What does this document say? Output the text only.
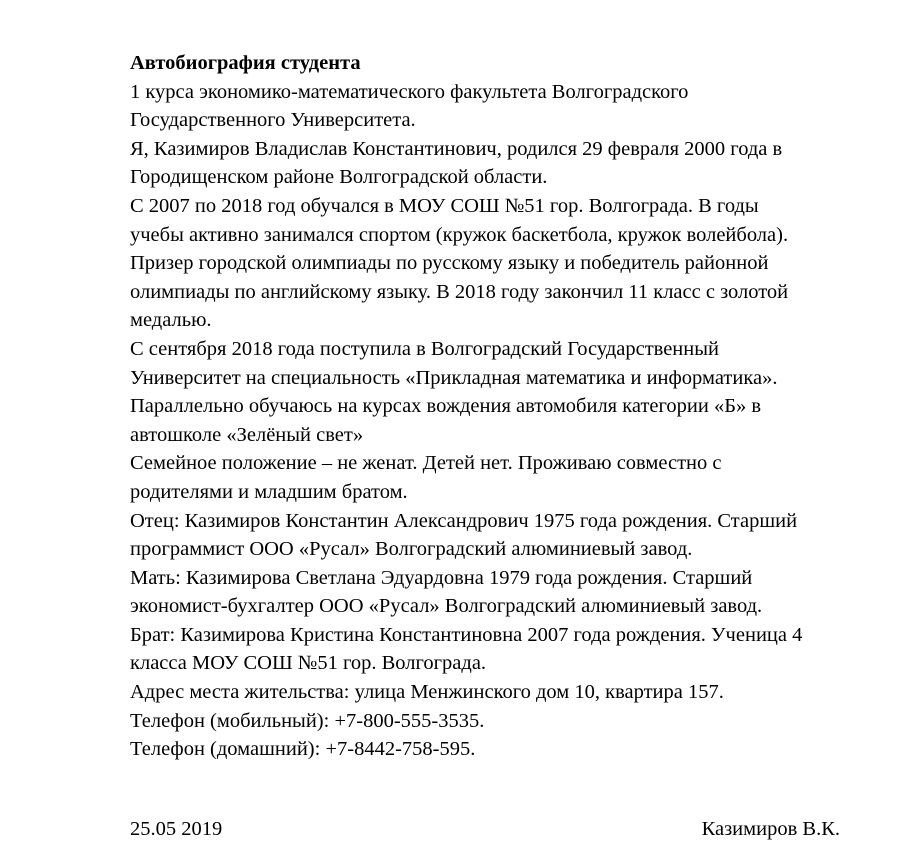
Автобиография студента
1 курса экономико-математического факультета Волгоградского
Государственного Университета.
Я, Казимиров Владислав Константинович, родился 29 февраля 2000 года в
Городищенском районе Волгоградской области.
С 2007 по 2018 год обучался в МОУ СОШ №51 гор. Волгограда. В годы
учебы активно занимался спортом (кружок баскетбола, кружок волейбола).
Призер городской олимпиады по русскому языку и победитель районной
олимпиады по английскому языку. В 2018 году закончил 11 класс с золотой
медалью.
С сентября 2018 года поступила в Волгоградский Государственный
Университет на специальность «Прикладная математика и информатика».
Параллельно обучаюсь на курсах вождения автомобиля категории «Б» в
автошколе «Зелёный свет»
Семейное положение – не женат. Детей нет. Проживаю совместно с
родителями и младшим братом.
Отец: Казимиров Константин Александрович 1975 года рождения. Старший
программист ООО «Русал» Волгоградский алюминиевый завод.
Мать: Казимирова Светлана Эдуардовна 1979 года рождения. Старший
экономист-бухгалтер ООО «Русал» Волгоградский алюминиевый завод.
Брат: Казимирова Кристина Константиновна 2007 года рождения. Ученица 4
класса МОУ СОШ №51 гор. Волгограда.
Адрес места жительства: улица Менжинского дом 10, квартира 157.
Телефон (мобильный): +7-800-555-3535.
Телефон (домашний): +7-8442-758-595.
25.05 2019	Казимиров В.К.
